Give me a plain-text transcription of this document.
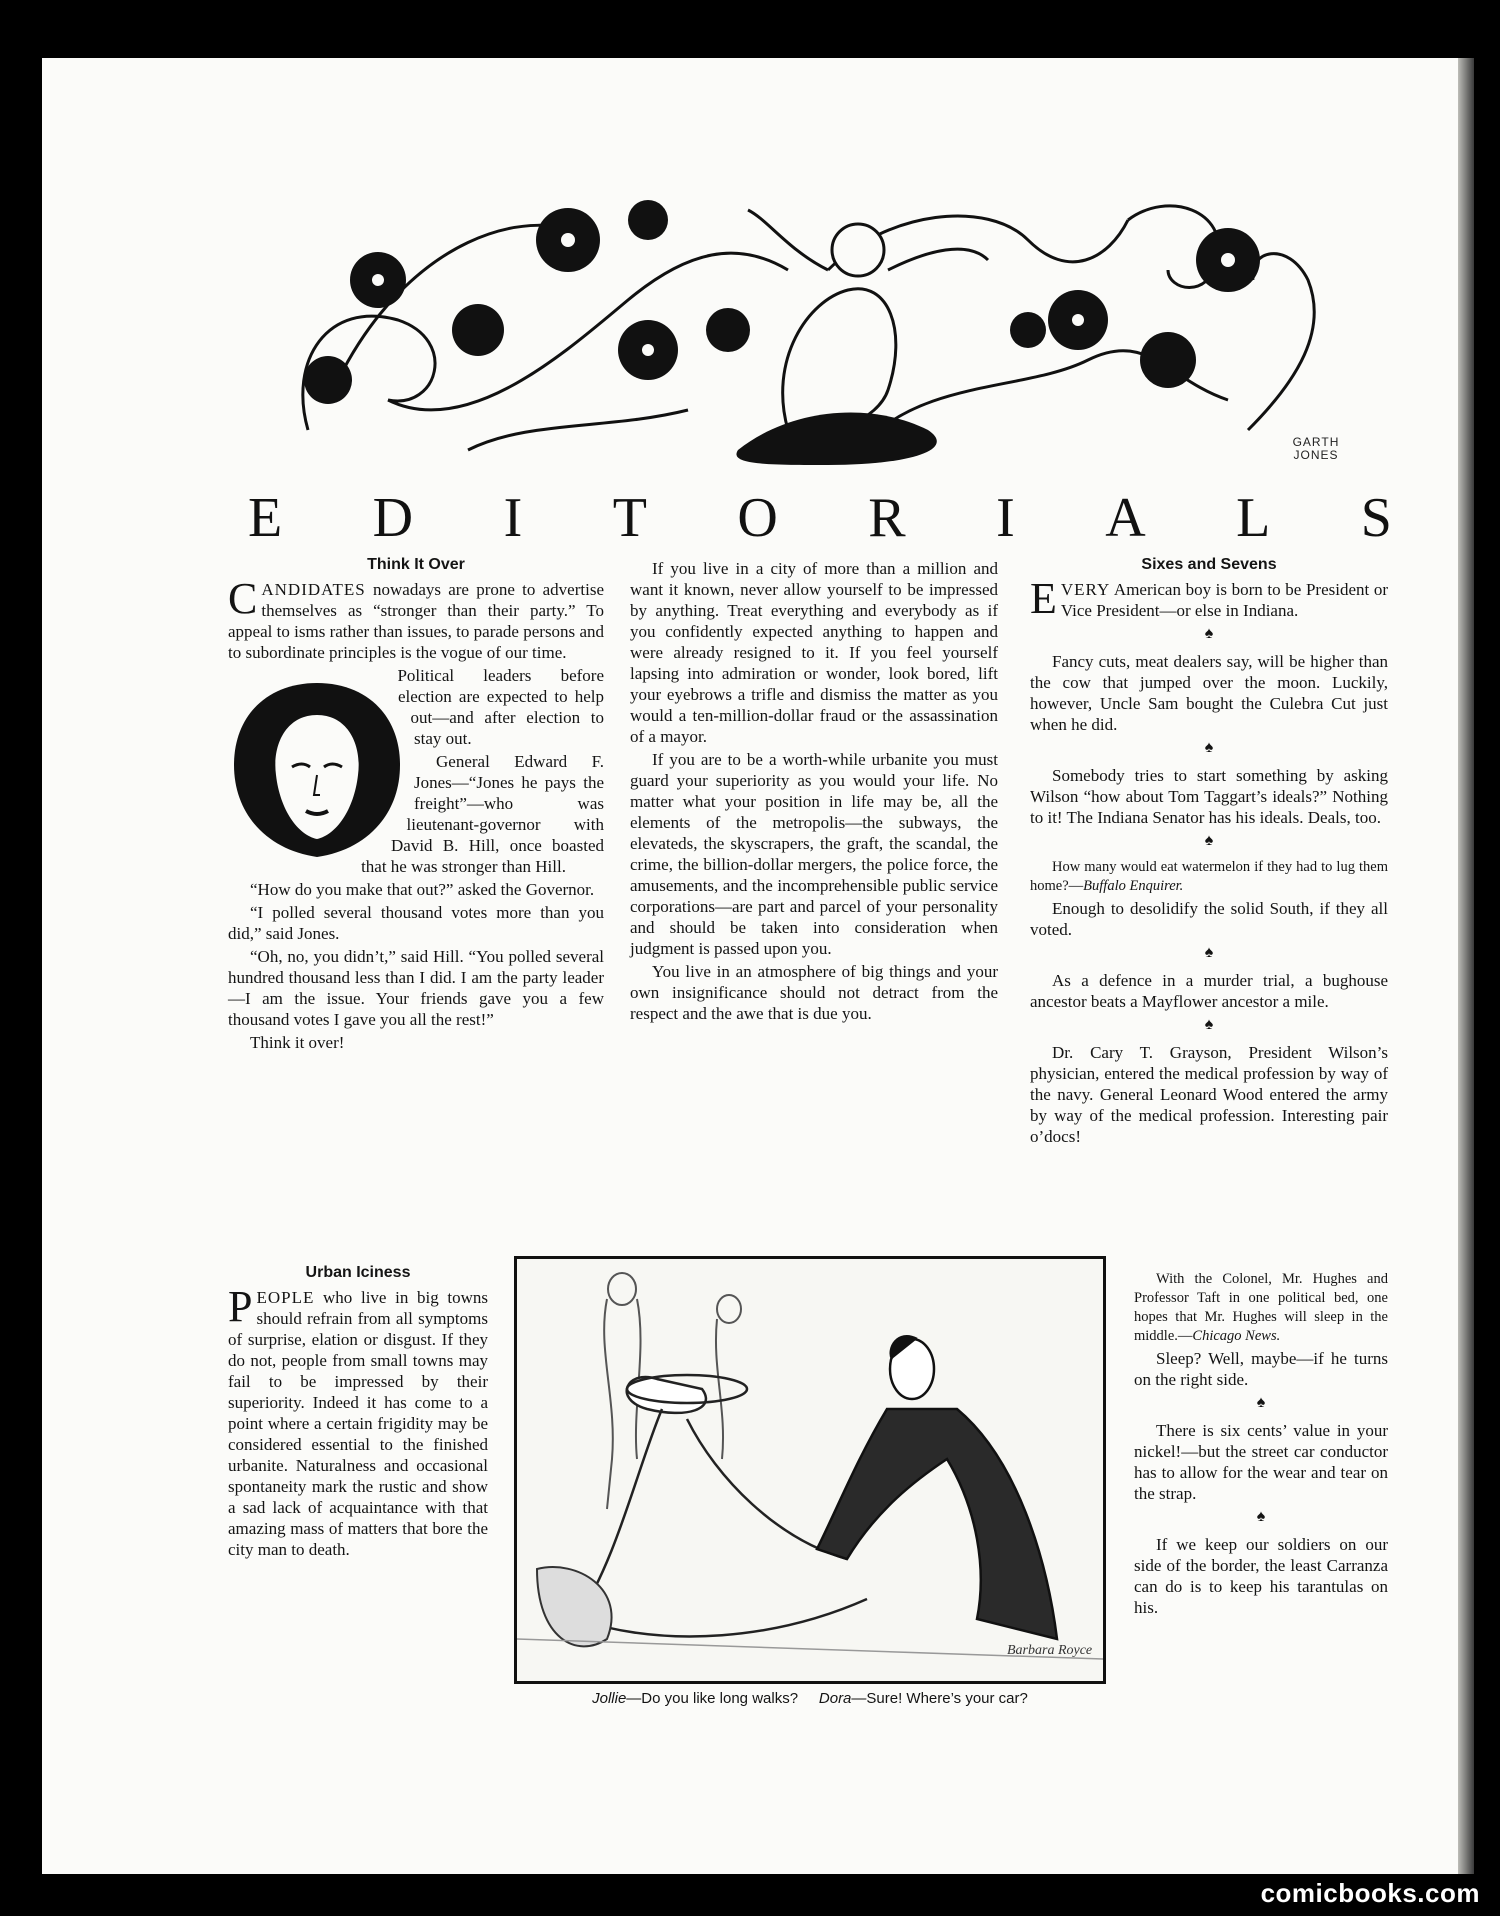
GARTH JONES
E D I T O R I A L S
Think It Over

CANDIDATES nowadays are prone to advertise themselves as “stronger than their party.” To appeal to isms rather than issues, to parade persons and to subordinate principles is the vogue of our time.

Political leaders before election are expected to help out—and after election to stay out.

General Edward F. Jones—“Jones he pays the freight”—who was lieutenant-governor with David B. Hill, once boasted that he was stronger than Hill.

“How do you make that out?” asked the Governor.

“I polled several thousand votes more than you did,” said Jones.

“Oh, no, you didn’t,” said Hill. “You polled several hundred thousand less than I did. I am the party leader—I am the issue. Your friends gave you a few thousand votes I gave you all the rest!”

Think it over!

If you live in a city of more than a million and want it known, never allow yourself to be impressed by anything. Treat everything and everybody as if you confidently expected anything to happen and were already resigned to it. If you feel yourself lapsing into admiration or wonder, look bored, lift your eyebrows a trifle and dismiss the matter as you would a ten-million-dollar fraud or the assassination of a mayor.

If you are to be a worth-while urbanite you must guard your superiority as you would your life. No matter what your position in life may be, all the elements of the metropolis—the subways, the elevateds, the skyscrapers, the graft, the scandal, the crime, the billion-dollar mergers, the police force, the amusements, and the incomprehensible public service corporations—are part and parcel of your personality and should be taken into consideration when judgment is passed upon you.

You live in an atmosphere of big things and your own insignificance should not detract from the respect and the awe that is due you.

Sixes and Sevens

EVERY American boy is born to be President or Vice President—or else in Indiana.

♠

Fancy cuts, meat dealers say, will be higher than the cow that jumped over the moon. Luckily, however, Uncle Sam bought the Culebra Cut just when he did.

♠

Somebody tries to start something by asking Wilson “how about Tom Taggart’s ideals?” Nothing to it! The Indiana Senator has his ideals. Deals, too.

♠

How many would eat watermelon if they had to lug them home?—Buffalo Enquirer.

Enough to desolidify the solid South, if they all voted.

♠

As a defence in a murder trial, a bughouse ancestor beats a Mayflower ancestor a mile.

♠

Dr. Cary T. Grayson, President Wilson’s physician, entered the medical profession by way of the navy. General Leonard Wood entered the army by way of the medical profession. Interesting pair o’docs!

Urban Iciness

PEOPLE who live in big towns should refrain from all symptoms of surprise, elation or disgust. If they do not, people from small towns may fail to be impressed by their superiority. Indeed it has come to a point where a certain frigidity may be considered essential to the finished urbanite. Naturalness and occasional spontaneity mark the rustic and show a sad lack of acquaintance with that amazing mass of matters that bore the city man to death.

Barbara Royce
Jollie—Do you like long walks? Dora—Sure! Where’s your car?

With the Colonel, Mr. Hughes and Professor Taft in one political bed, one hopes that Mr. Hughes will sleep in the middle.—Chicago News.

Sleep? Well, maybe—if he turns on the right side.

♠

There is six cents’ value in your nickel!—but the street car conductor has to allow for the wear and tear on the strap.

♠

If we keep our soldiers on our side of the border, the least Carranza can do is to keep his tarantulas on his.

comicbooks.com
